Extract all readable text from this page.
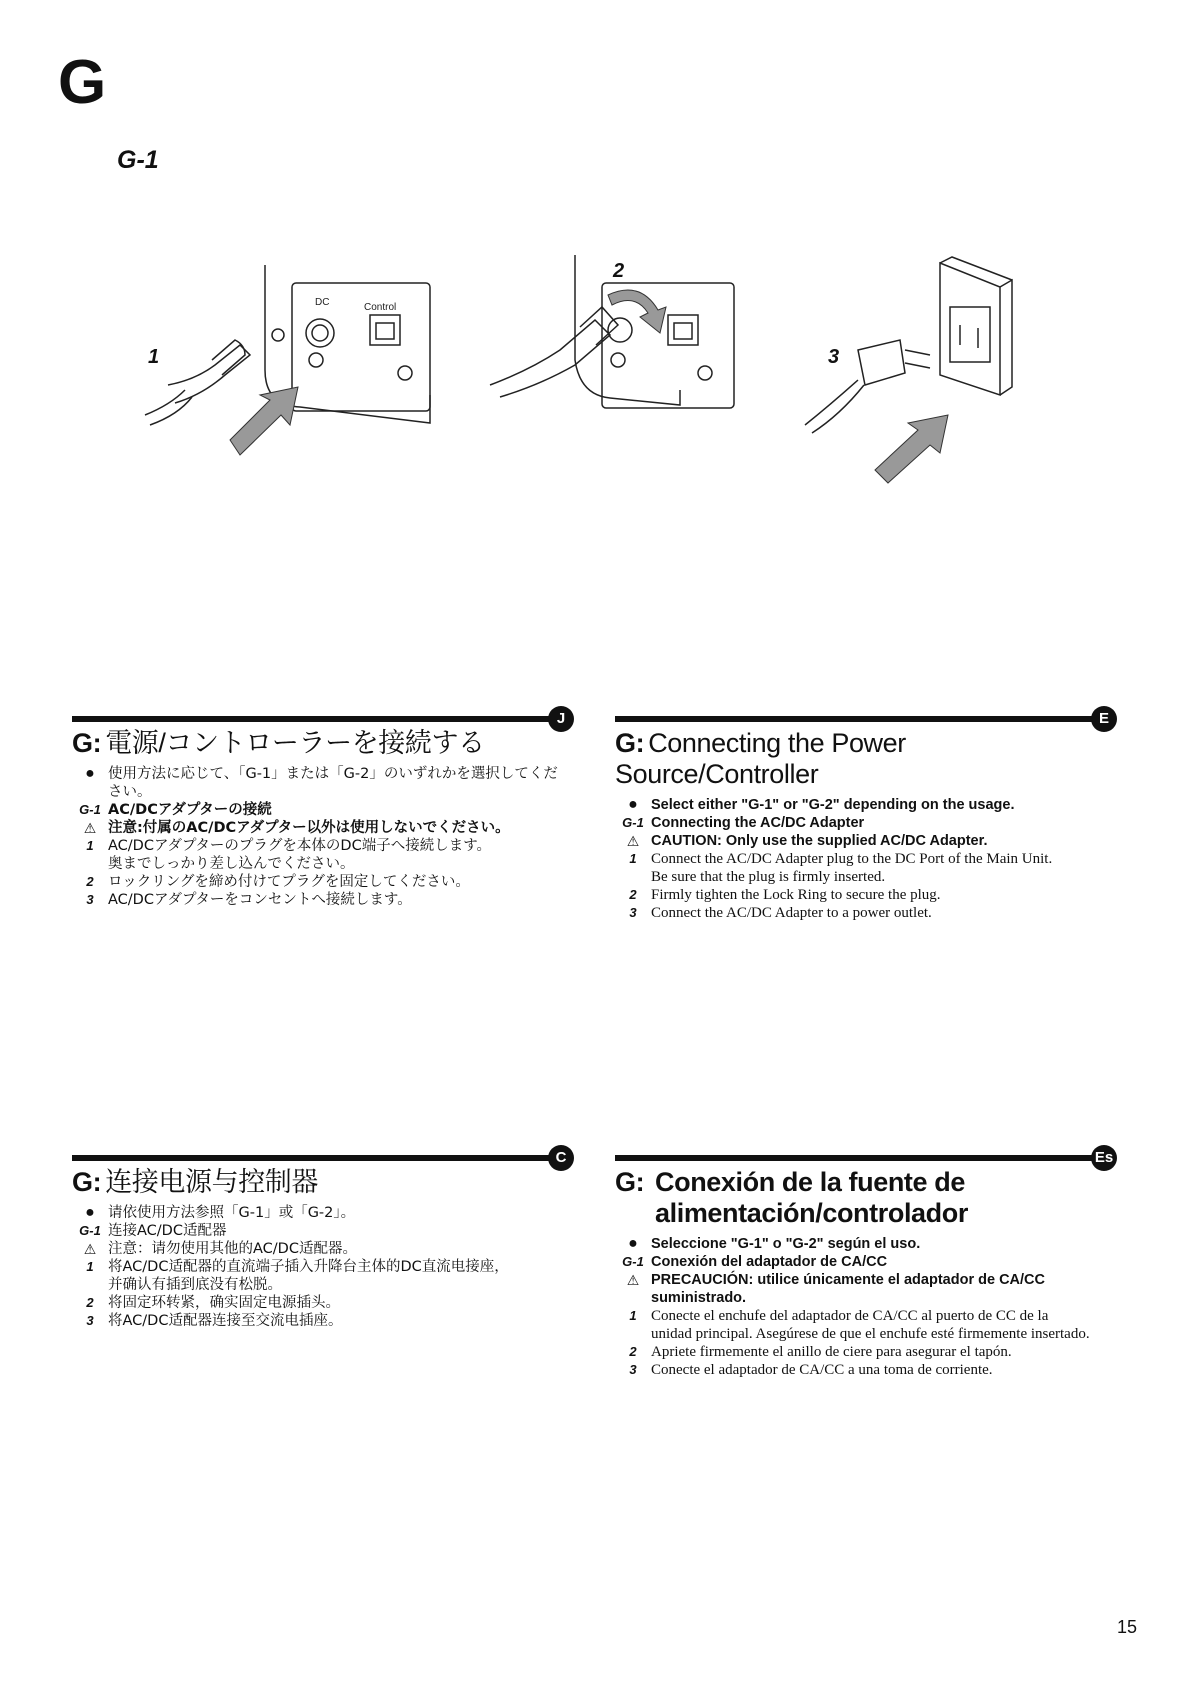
G
G-1
DC	Control
1
2
3
J
G: 電源/コントローラーを接続する
● 使用方法に応じて、「G-1」または「G-2」のいずれかを選択してください。
G-1 AC/DCアダプターの接続
⚠ 注意:付属のAC/DCアダプター以外は使用しないでください。
1 AC/DCアダプターのプラグを本体のDC端子へ接続します。
奥までしっかり差し込んでください。
2 ロックリングを締め付けてプラグを固定してください。
3 AC/DCアダプターをコンセントへ接続します。
E
G: Connecting the Power Source/Controller
● Select either "G-1" or "G-2" depending on the usage.
G-1 Connecting the AC/DC Adapter
⚠ CAUTION: Only use the supplied AC/DC Adapter.
1 Connect the AC/DC Adapter plug to the DC Port of the Main Unit.
Be sure that the plug is firmly inserted.
2 Firmly tighten the Lock Ring to secure the plug.
3 Connect the AC/DC Adapter to a power outlet.
C
G: 连接电源与控制器
● 请依使用方法参照「G-1」或「G-2」。
G-1 连接AC/DC适配器
⚠ 注意：请勿使用其他的AC/DC适配器。
1 将AC/DC适配器的直流端子插入升降台主体的DC直流电接座，
并确认有插到底没有松脱。
2 将固定环转紧，确实固定电源插头。
3 将AC/DC适配器连接至交流电插座。
Es
G: Conexión de la fuente de
alimentación/controlador
● Seleccione "G-1" o "G-2" según el uso.
G-1 Conexión del adaptador de CA/CC
⚠ PRECAUCIÓN: utilice únicamente el adaptador de CA/CC
suministrado.
1 Conecte el enchufe del adaptador de CA/CC al puerto de CC de la
unidad principal. Asegúrese de que el enchufe esté firmemente insertado.
2 Apriete firmemente el anillo de ciere para asegurar el tapón.
3 Conecte el adaptador de CA/CC a una toma de corriente.
15
